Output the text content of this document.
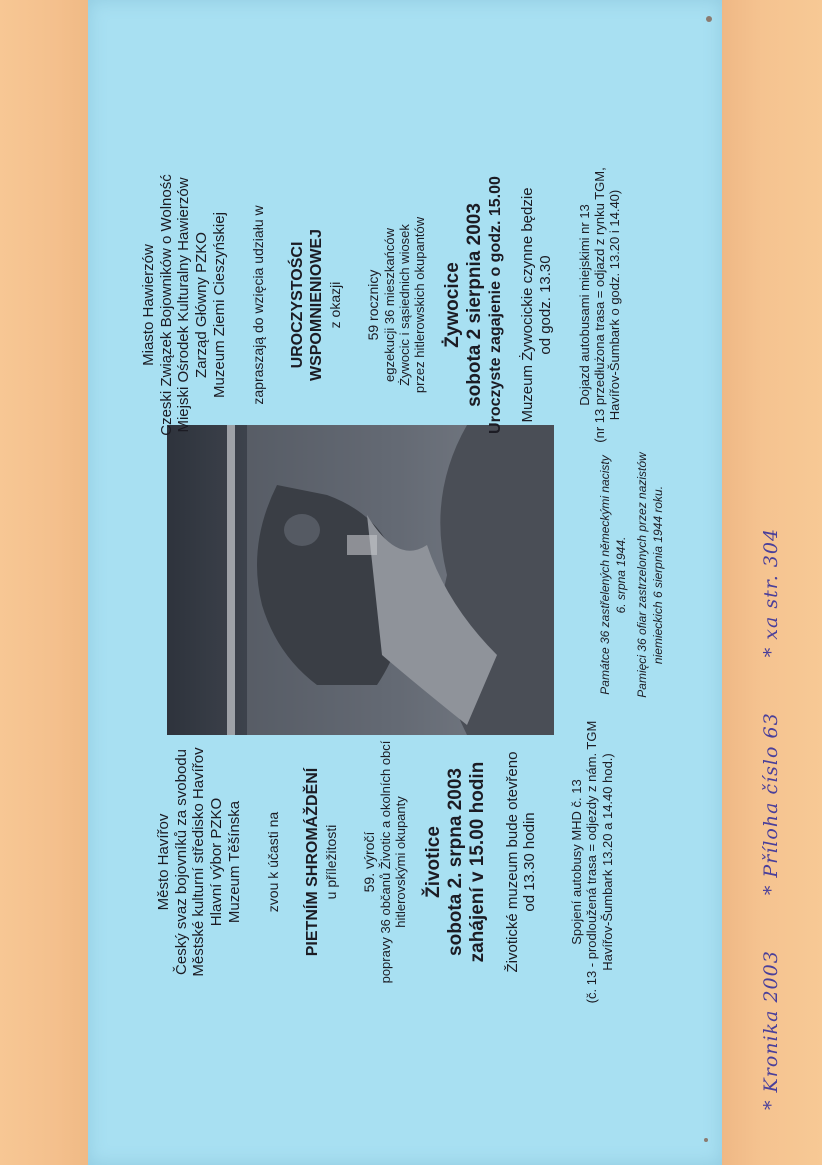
Město Havířov Český svaz bojovníků za svobodu Městské kulturní středisko Havířov Hlavní výbor PZKO Muzeum Těšínska zvou k účasti na PIETNÍM SHROMÁŽDĚNÍ u příležitosti 59. výročí popravy 36 občanů Životic a okolních obcí hitlerovskými okupanty Životice sobota 2. srpna 2003 zahájení v 15.00 hodin Životické muzeum bude otevřeno od 13.30 hodin Spojení autobusy MHD č. 13 (č. 13 - prodloužená trasa = odjezdy z nám. TGM Havířov-Šumbark 13.20 a 14.40 hod.)
Památce 36 zastřelených německými nacisty 6. srpna 1944. Pamięci 36 ofiar zastrzelonych przez nazistów niemieckich 6 sierpnia 1944 roku.
Miasto Hawierzów Czeski Związek Bojowników o Wolność Miejski Ośrodek Kulturalny Hawierzów Zarząd Główny PZKO Muzeum Ziemi Cieszyńskiej zapraszają do wzięcia udziału w UROCZYSTOŚCI WSPOMNIENIOWEJ z okazji 59 rocznicy egzekucji 36 mieszkańców Żywocic i sąsiednich wiosek przez hitlerowskich okupantów Żywocice sobota 2 sierpnia 2003 Uroczyste zagajenie o godz. 15.00 Muzeum Żywocickie czynne będzie od godz. 13.30 Dojazd autobusami miejskimi nr 13 (nr 13 przedłużona trasa = odjazd z rynku TGM, Havířov-Šumbark o godz. 13.20 i 14.40)
* Kronika 2003 * Příloha číslo 63 * xa str. 304
